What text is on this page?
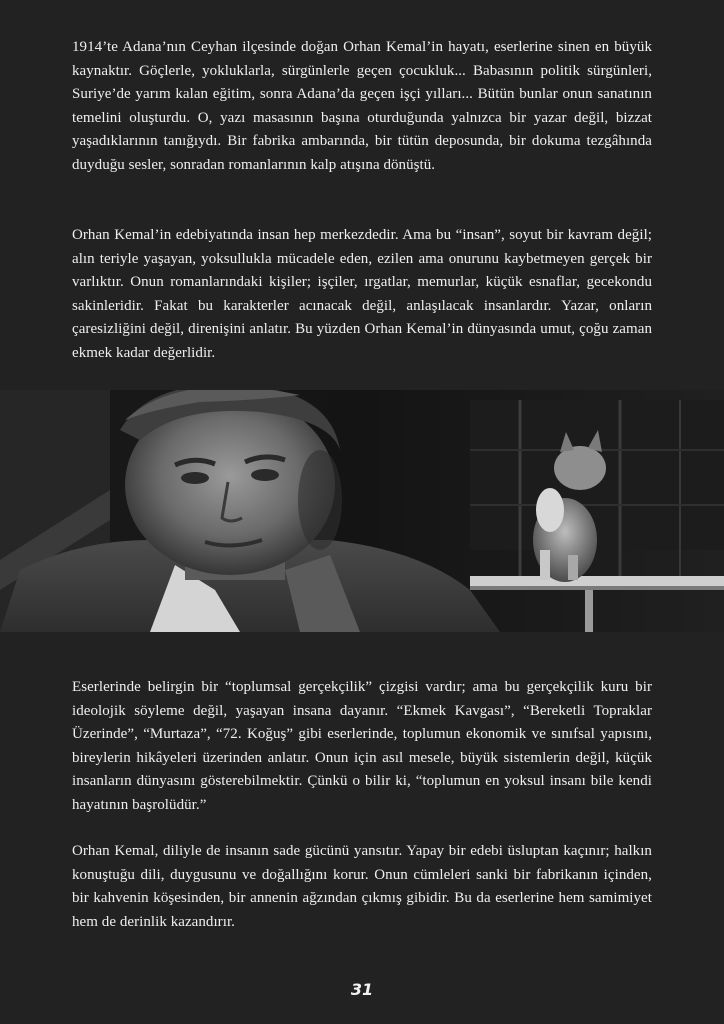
1914’te Adana’nın Ceyhan ilçesinde doğan Orhan Kemal’in hayatı, eserlerine sinen en büyük kaynaktır. Göçlerle, yokluklarla, sürgünlerle geçen çocukluk... Babasının politik sürgünleri, Suriye’de yarım kalan eğitim, sonra Adana’da geçen işçi yılları... Bütün bunlar onun sanatının temelini oluşturdu. O, yazı masasının başına oturduğunda yalnızca bir yazar değil, bizzat yaşadıklarının tanığıydı. Bir fabrika ambarında, bir tütün deposunda, bir dokuma tezgâhında duyduğu sesler, sonradan romanlarının kalp atışına dönüştü.

Orhan Kemal’in edebiyatında insan hep merkezdedir. Ama bu “insan”, soyut bir kavram değil; alın teriyle yaşayan, yoksullukla mücadele eden, ezilen ama onurunu kaybetmeyen gerçek bir varlıktır. Onun romanlarındaki kişiler; işçiler, ırgatlar, memurlar, küçük esnaflar, gecekondu sakinleridir. Fakat bu karakterler acınacak değil, anlaşılacak insanlardır. Yazar, onların çaresizliğini değil, direnişini anlatır. Bu yüzden Orhan Kemal’in dünyasında umut, çoğu zaman ekmek kadar değerlidir.

Eserlerinde belirgin bir “toplumsal gerçekçilik” çizgisi vardır; ama bu gerçekçilik kuru bir ideolojik söyleme değil, yaşayan insana dayanır. “Ekmek Kavgası”, “Bereketli Topraklar Üzerinde”, “Murtaza”, “72. Koğuş” gibi eserlerinde, toplumun ekonomik ve sınıfsal yapısını, bireylerin hikâyeleri üzerinden anlatır. Onun için asıl mesele, büyük sistemlerin değil, küçük insanların dünyasını gösterebilmektir. Çünkü o bilir ki, “toplumun en yoksul insanı bile kendi hayatının başrolüdür.”

Orhan Kemal, diliyle de insanın sade gücünü yansıtır. Yapay bir edebi üsluptan kaçınır; halkın konuştuğu dili, duygusunu ve doğallığını korur. Onun cümleleri sanki bir fabrikanın içinden, bir kahvenin köşesinden, bir annenin ağzından çıkmış gibidir. Bu da eserlerine hem samimiyet hem de derinlik kazandırır.

31
